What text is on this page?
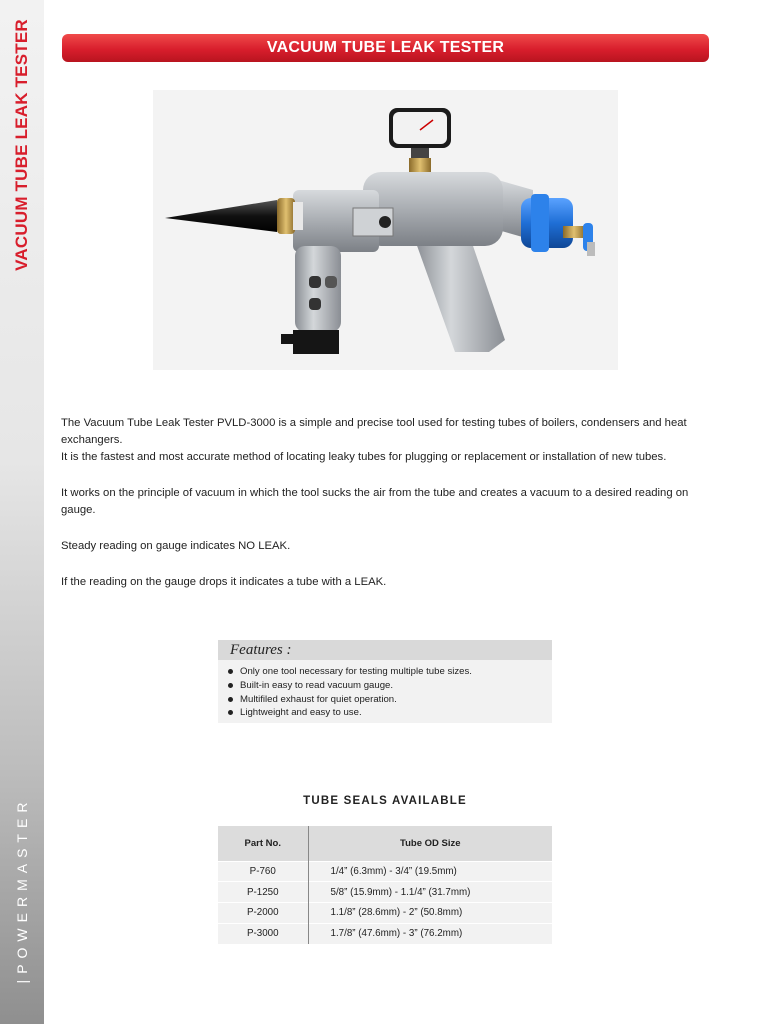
VACUUM TUBE LEAK TESTER
|POWERMASTER
VACUUM TUBE LEAK TESTER

The Vacuum Tube Leak Tester PVLD-3000 is a simple and precise tool used for testing tubes of boilers, condensers and heat exchangers.

It is the fastest and most accurate method of locating leaky tubes for plugging or replacement or installation of new tubes.

It works on the principle of vacuum in which the tool sucks the air from the tube and creates a vacuum to a desired reading on gauge.

Steady reading on gauge indicates NO LEAK.

If the reading on the gauge drops it indicates a tube with a LEAK.

Features :
Only one tool necessary for testing multiple tube sizes.
Built-in easy to read vacuum gauge.
Multifiled exhaust for quiet operation.
Lightweight and easy to use.
TUBE SEALS AVAILABLE
Part No.	Tube OD Size
P-760	1/4” (6.3mm) - 3/4” (19.5mm)
P-1250	5/8” (15.9mm) - 1.1/4” (31.7mm)
P-2000	1.1/8” (28.6mm) - 2” (50.8mm)
P-3000	1.7/8” (47.6mm) - 3” (76.2mm)
